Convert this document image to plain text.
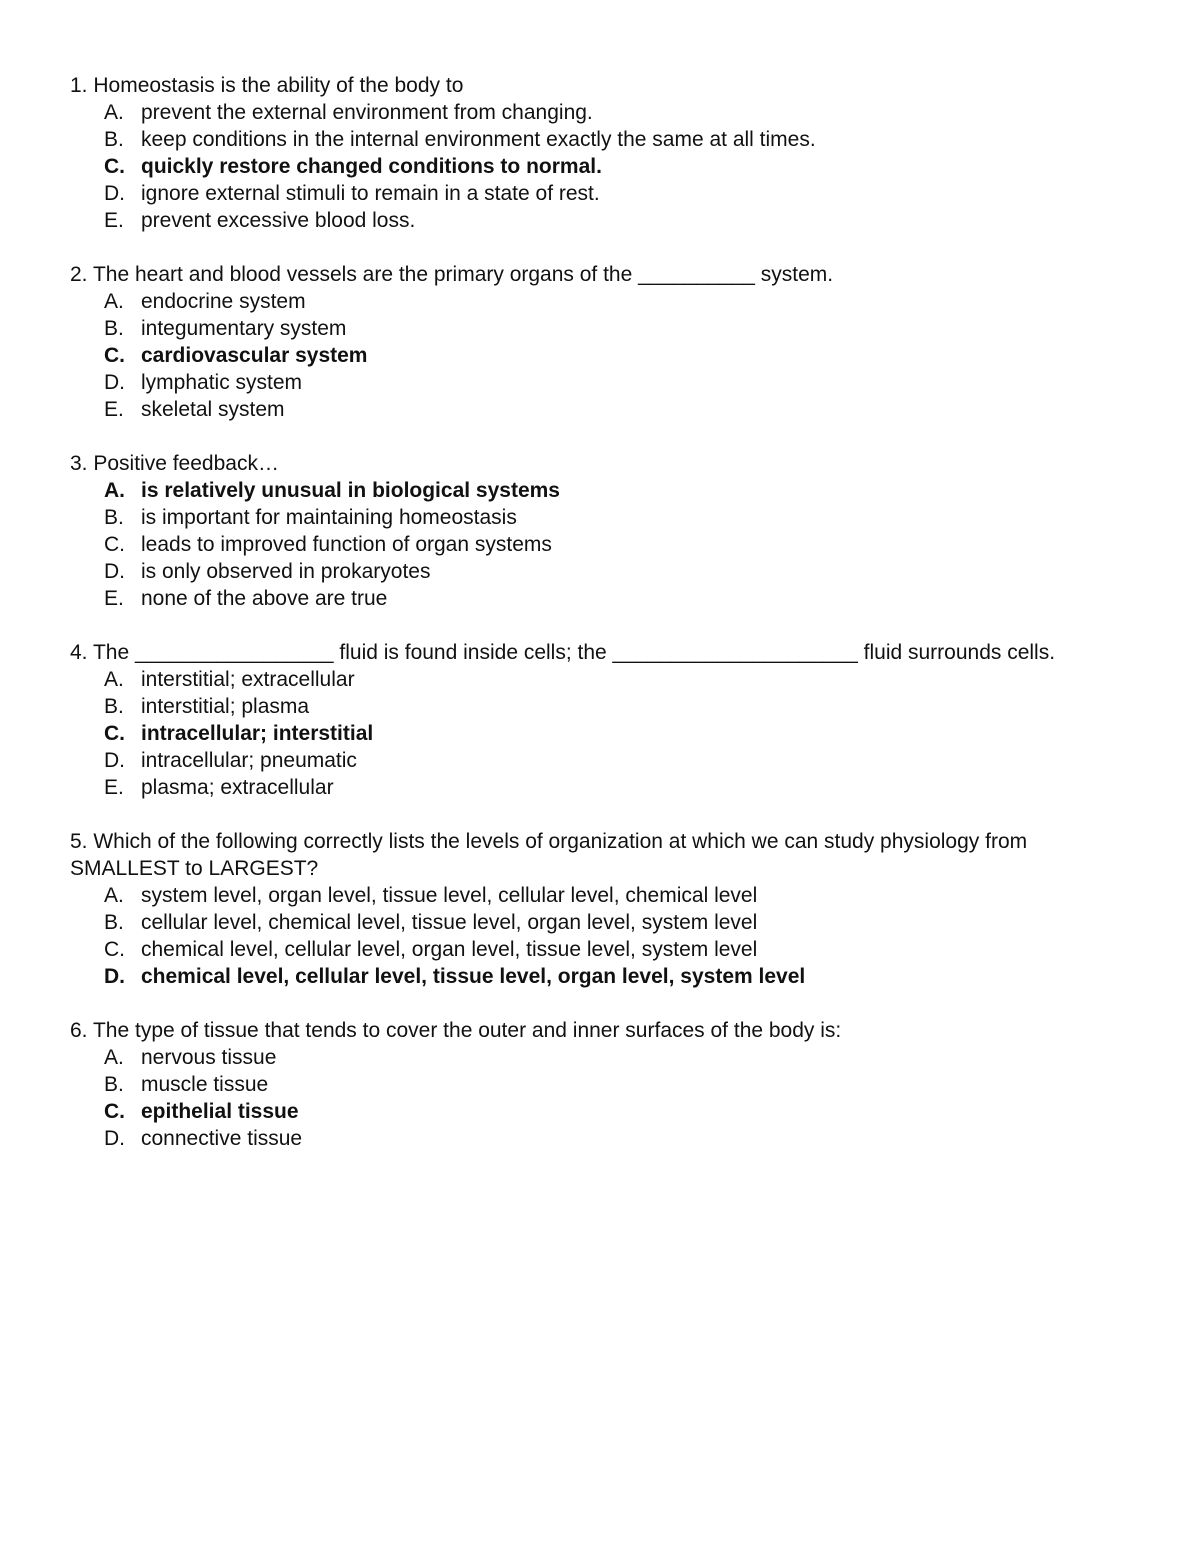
1. Homeostasis is the ability of the body to
A. prevent the external environment from changing.
B. keep conditions in the internal environment exactly the same at all times.
C. quickly restore changed conditions to normal.
D. ignore external stimuli to remain in a state of rest.
E. prevent excessive blood loss.
2. The heart and blood vessels are the primary organs of the __________ system.
A. endocrine system
B. integumentary system
C. cardiovascular system
D. lymphatic system
E. skeletal system
3. Positive feedback…
A. is relatively unusual in biological systems
B. is important for maintaining homeostasis
C. leads to improved function of organ systems
D. is only observed in prokaryotes
E. none of the above are true
4. The _________________ fluid is found inside cells; the _____________________ fluid surrounds cells.
A. interstitial; extracellular
B. interstitial; plasma
C. intracellular; interstitial
D. intracellular; pneumatic
E. plasma; extracellular
5. Which of the following correctly lists the levels of organization at which we can study physiology from SMALLEST to LARGEST?
A. system level, organ level, tissue level, cellular level, chemical level
B. cellular level, chemical level, tissue level, organ level, system level
C. chemical level, cellular level, organ level, tissue level, system level
D. chemical level, cellular level, tissue level, organ level, system level
6. The type of tissue that tends to cover the outer and inner surfaces of the body is:
A. nervous tissue
B. muscle tissue
C. epithelial tissue
D. connective tissue
